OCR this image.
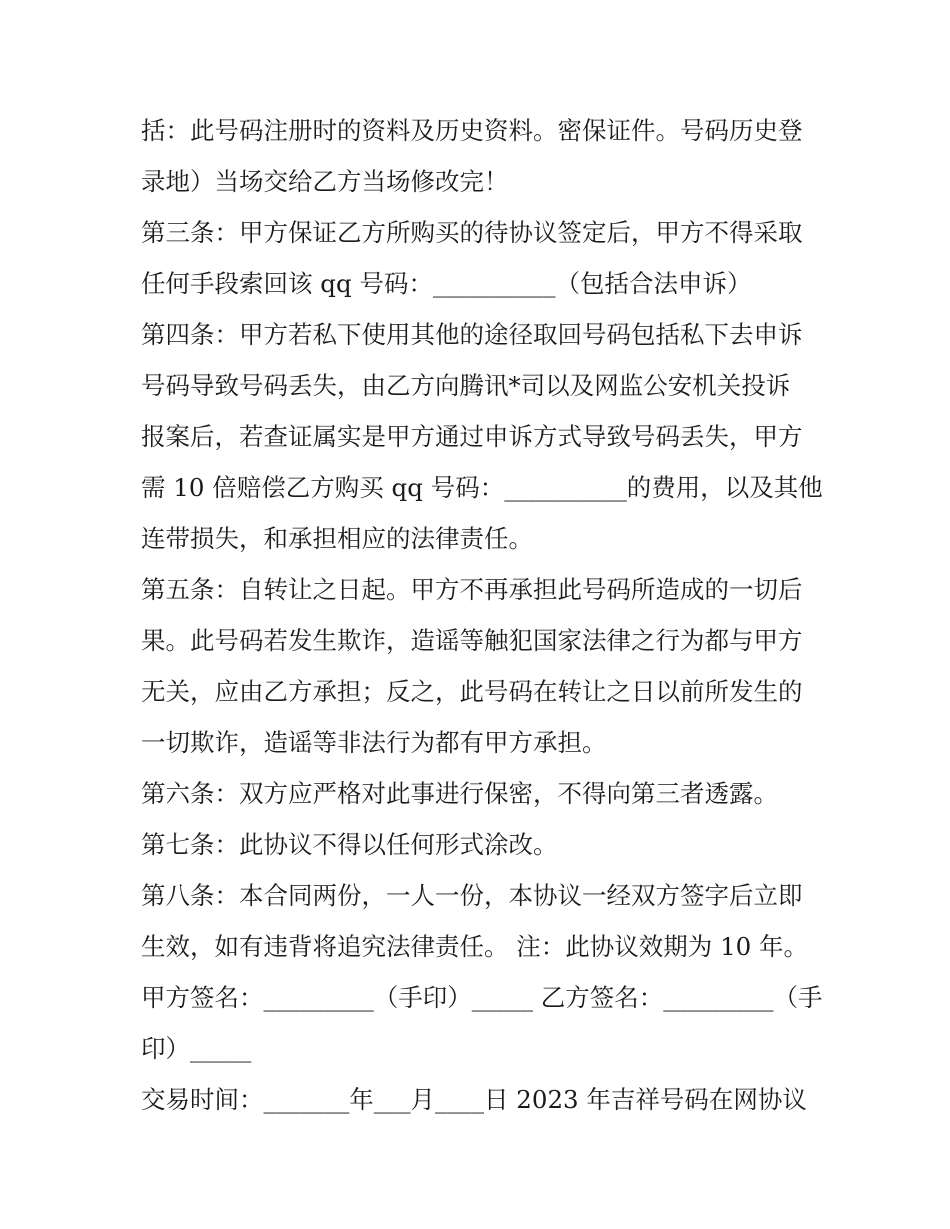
括：此号码注册时的资料及历史资料。密保证件。号码历史登
录地）当场交给乙方当场修改完！
第三条：甲方保证乙方所购买的待协议签定后，甲方不得采取
任何手段索回该 qq 号码：__________（包括合法申诉）
第四条：甲方若私下使用其他的途径取回号码包括私下去申诉
号码导致号码丢失，由乙方向腾讯*司以及网监公安机关投诉
报案后，若查证属实是甲方通过申诉方式导致号码丢失，甲方
需 10 倍赔偿乙方购买 qq 号码：__________的费用，以及其他
连带损失，和承担相应的法律责任。
第五条：自转让之日起。甲方不再承担此号码所造成的一切后
果。此号码若发生欺诈，造谣等触犯国家法律之行为都与甲方
无关，应由乙方承担；反之，此号码在转让之日以前所发生的
一切欺诈，造谣等非法行为都有甲方承担。
第六条：双方应严格对此事进行保密，不得向第三者透露。
第七条：此协议不得以任何形式涂改。
第八条：本合同两份，一人一份，本协议一经双方签字后立即
生效，如有违背将追究法律责任。 注：此协议效期为 10 年。
甲方签名：_________（手印）_____ 乙方签名：_________（手
印）_____
交易时间：_______年___月____日 2023 年吉祥号码在网协议
